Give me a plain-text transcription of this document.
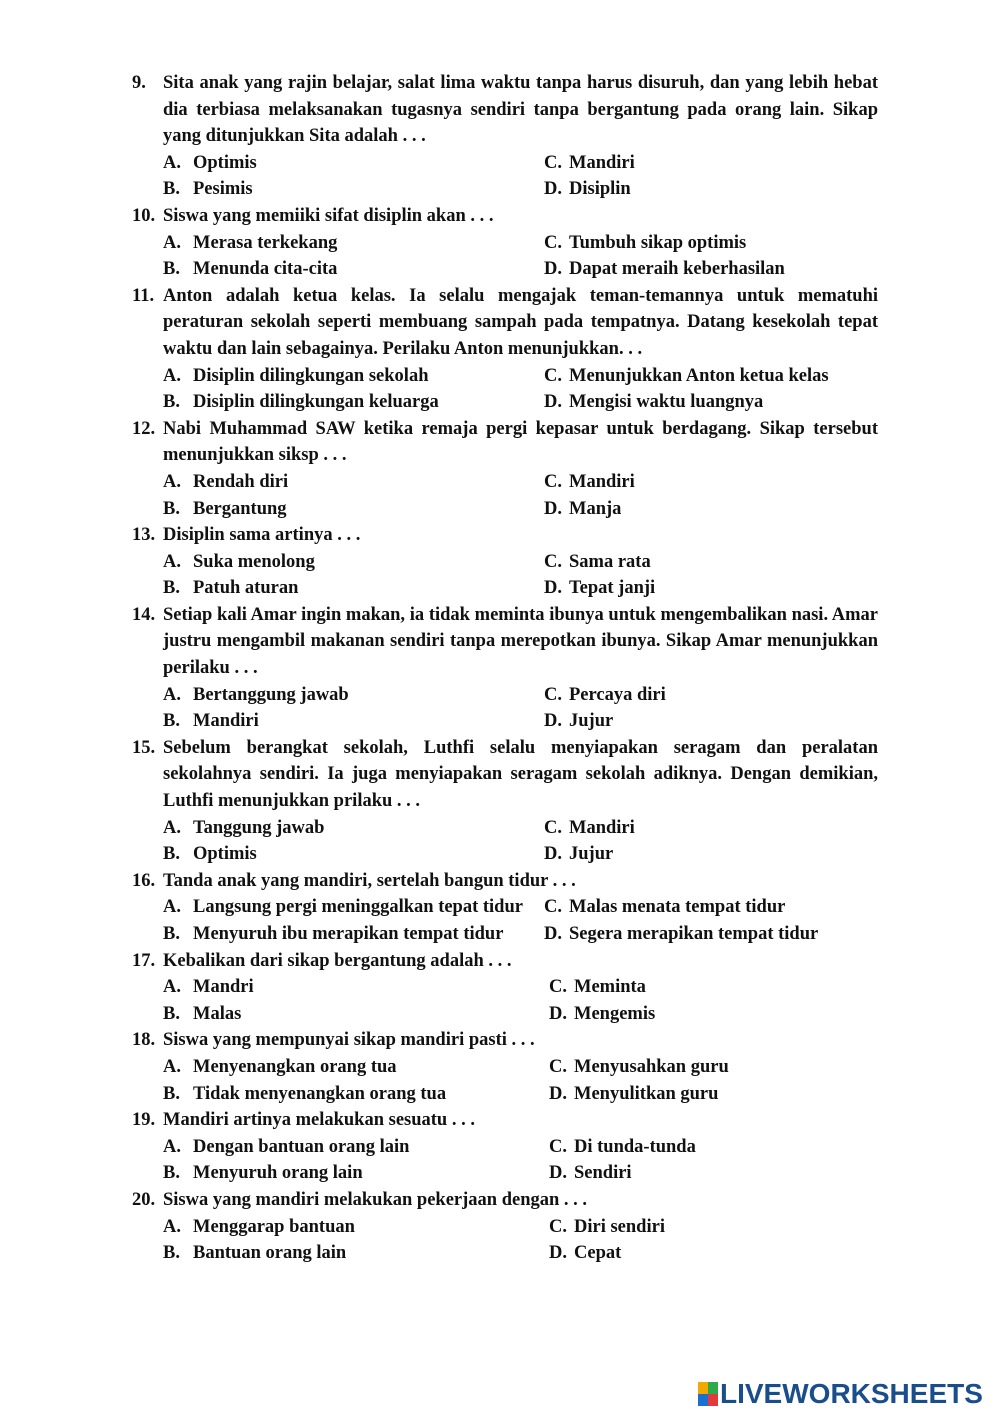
9. Sita anak yang rajin belajar, salat lima waktu tanpa harus disuruh, dan yang lebih hebat dia terbiasa melaksanakan tugasnya sendiri tanpa bergantung pada orang lain. Sikap yang ditunjukkan Sita adalah . . .
A. Optimis	C. Mandiri
B. Pesimis	D. Disiplin
10. Siswa yang memiiki sifat disiplin akan . . .
A. Merasa terkekang	C. Tumbuh sikap optimis
B. Menunda cita-cita	D. Dapat meraih keberhasilan
11. Anton adalah ketua kelas. Ia selalu mengajak teman-temannya untuk mematuhi peraturan sekolah seperti membuang sampah pada tempatnya. Datang kesekolah tepat waktu dan lain sebagainya. Perilaku Anton menunjukkan. . .
A. Disiplin dilingkungan sekolah	C. Menunjukkan Anton ketua kelas
B. Disiplin dilingkungan keluarga	D. Mengisi waktu luangnya
12. Nabi Muhammad SAW ketika remaja pergi kepasar untuk berdagang. Sikap tersebut menunjukkan siksp . . .
A. Rendah diri	C. Mandiri
B. Bergantung	D. Manja
13. Disiplin sama artinya . . .
A. Suka menolong	C. Sama rata
B. Patuh aturan	D. Tepat janji
14. Setiap kali Amar ingin makan, ia tidak meminta ibunya untuk mengembalikan nasi. Amar justru mengambil makanan sendiri tanpa merepotkan ibunya. Sikap Amar menunjukkan perilaku . . .
A. Bertanggung jawab	C. Percaya diri
B. Mandiri	D. Jujur
15. Sebelum berangkat sekolah, Luthfi selalu menyiapakan seragam dan peralatan sekolahnya sendiri. Ia juga menyiapakan seragam sekolah adiknya. Dengan demikian, Luthfi menunjukkan prilaku . . .
A. Tanggung jawab	C. Mandiri
B. Optimis	D. Jujur
16. Tanda anak yang mandiri, sertelah bangun tidur . . .
A. Langsung pergi meninggalkan tepat tidur C. Malas menata tempat tidur
B. Menyuruh ibu merapikan tempat tidur D. Segera merapikan tempat tidur
17. Kebalikan dari sikap bergantung adalah . . .
A. Mandri	C. Meminta
B. Malas	D. Mengemis
18. Siswa yang mempunyai sikap mandiri pasti . . .
A. Menyenangkan orang tua	C. Menyusahkan guru
B. Tidak menyenangkan orang tua	D. Menyulitkan guru
19. Mandiri artinya melakukan sesuatu . . .
A. Dengan bantuan orang lain	C. Di tunda-tunda
B. Menyuruh orang lain	D. Sendiri
20. Siswa yang mandiri melakukan pekerjaan dengan . . .
A. Menggarap bantuan	C. Diri sendiri
B. Bantuan orang lain	D. Cepat
LIVEWORKSHEETS
